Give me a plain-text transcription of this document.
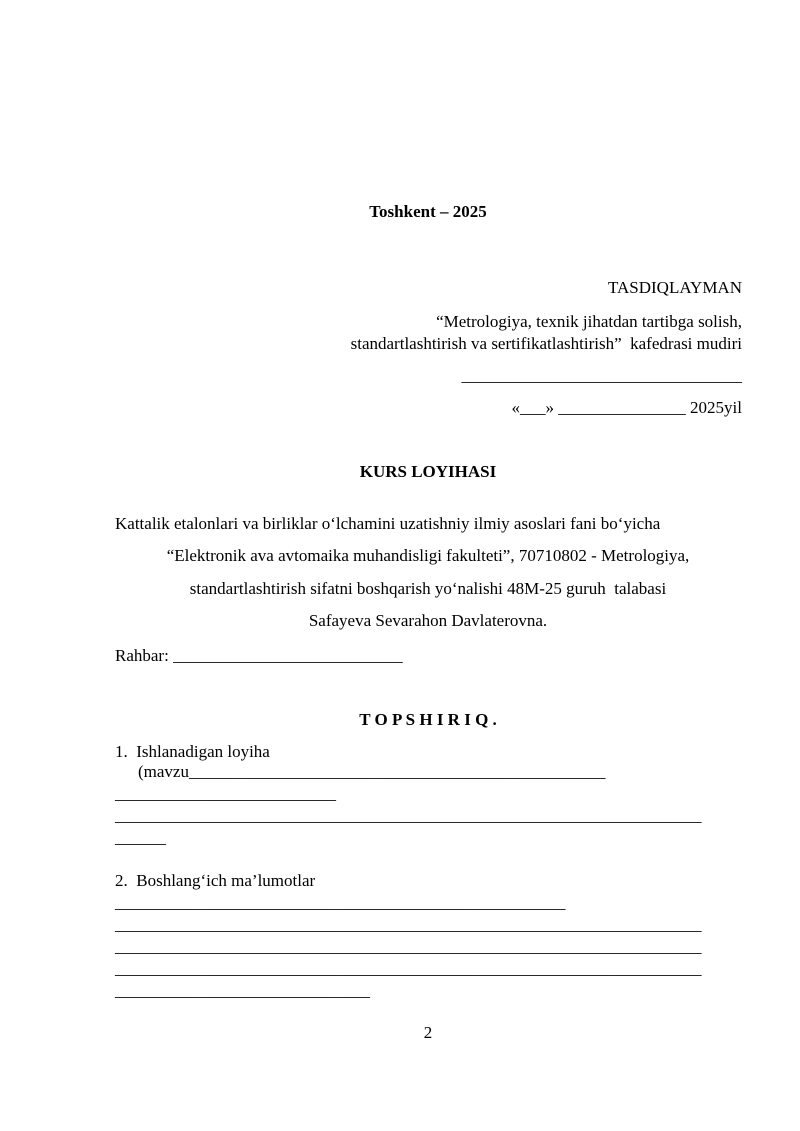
Toshkent – 2025
TASDIQLAYMAN
“Metrologiya, texnik jihatdan tartibga solish,
standartlashtirish va sertifikatlashtirish”  kafedrasi mudiri
_________________________________
«___» _______________ 2025yil
KURS LOYIHASI
Kattalik etalonlari va birliklar o‘lchamini uzatishniy ilmiy asoslari fani bo‘yicha
“Elektronik ava avtomaika muhandisligi fakulteti”, 70710802 - Metrologiya,
standartlashtirish sifatni boshqarish yo‘nalishi 48M-25 guruh  talabasi
Safayeva Sevarahon Davlaterovna.
Rahbar: ___________________________
T O P S H I R I Q .
1.  Ishlanadigan loyiha
(mavzu_________________________________________________
__________________________
_____________________________________________________________________
______
2.  Boshlang‘ich ma’lumotlar
_____________________________________________________
_____________________________________________________________________
_____________________________________________________________________
_____________________________________________________________________
______________________________
2
